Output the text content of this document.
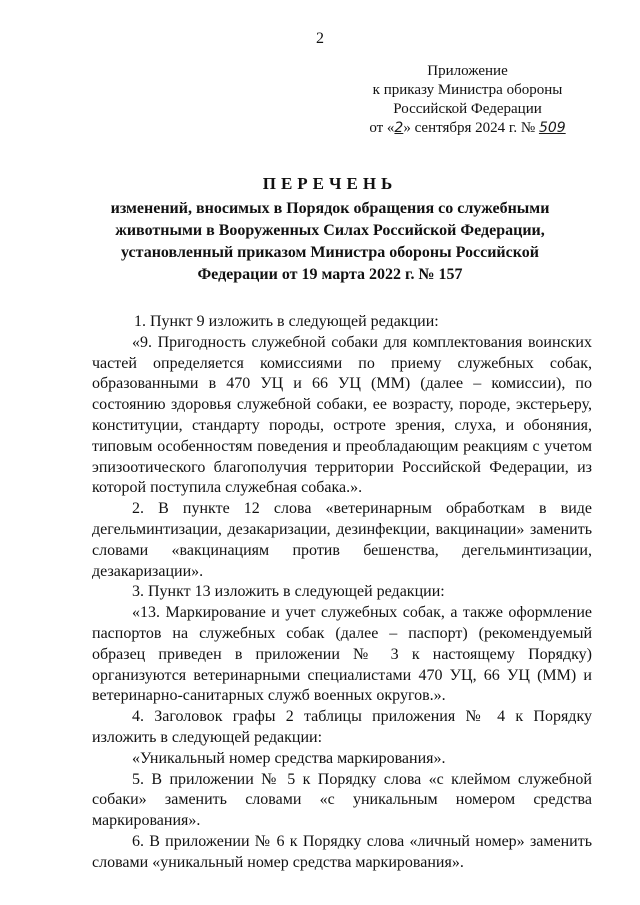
2
Приложение
к приказу Министра обороны
Российской Федерации
от «2» сентября 2024 г. № 509
ПЕРЕЧЕНЬ
изменений, вносимых в Порядок обращения со служебными
животными в Вооруженных Силах Российской Федерации,
установленный приказом Министра обороны Российской
Федерации от 19 марта 2022 г. № 157

1. Пункт 9 изложить в следующей редакции:

«9. Пригодность служебной собаки для комплектования воинских частей определяется комиссиями по приему служебных собак, образованными в 470 УЦ и 66 УЦ (ММ) (далее – комиссии), по состоянию здоровья служебной собаки, ее возрасту, породе, экстерьеру, конституции, стандарту породы, остроте зрения, слуха, и обоняния, типовым особенностям поведения и преобладающим реакциям с учетом эпизоотического благополучия территории Российской Федерации, из которой поступила служебная собака.».

2. В пункте 12 слова «ветеринарным обработкам в виде дегельминтизации, дезакаризации, дезинфекции, вакцинации» заменить словами «вакцинациям против бешенства, дегельминтизации, дезакаризации».

3. Пункт 13 изложить в следующей редакции:

«13. Маркирование и учет служебных собак, а также оформление паспортов на служебных собак (далее – паспорт) (рекомендуемый образец приведен в приложении № 3 к настоящему Порядку) организуются ветеринарными специалистами 470 УЦ, 66 УЦ (ММ) и ветеринарно-санитарных служб военных округов.».

4. Заголовок графы 2 таблицы приложения № 4 к Порядку изложить в следующей редакции:

«Уникальный номер средства маркирования».

5. В приложении № 5 к Порядку слова «с клеймом служебной собаки» заменить словами «с уникальным номером средства маркирования».

6. В приложении № 6 к Порядку слова «личный номер» заменить словами «уникальный номер средства маркирования».
